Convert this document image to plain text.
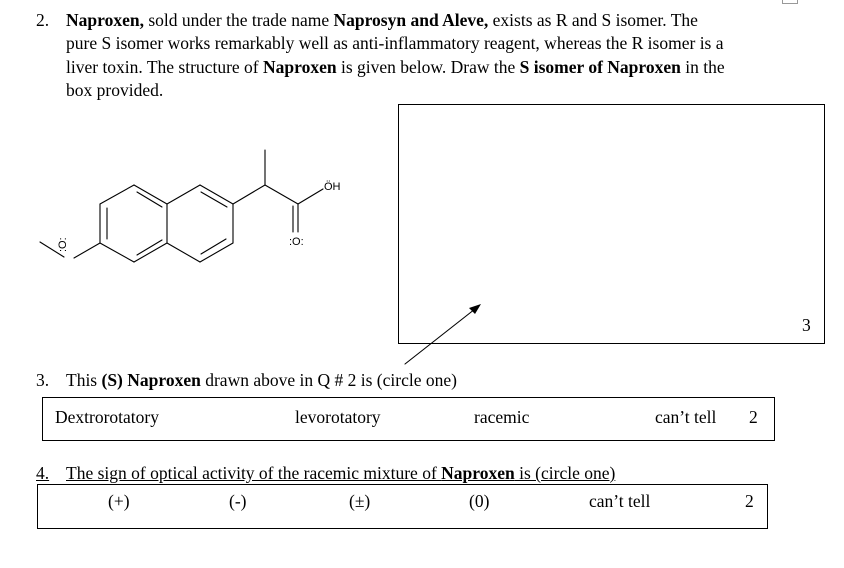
2. Naproxen, sold under the trade name Naprosyn and Aleve, exists as R and S isomer. The
pure S isomer works remarkably well as anti-inflammatory reagent, whereas the R isomer is a
liver toxin. The structure of Naproxen is given below. Draw the S isomer of Naproxen in the
box provided.
ÖH
:O:
:O:
3
3. This (S) Naproxen drawn above in Q # 2 is (circle one)
Dextrorotatory	levorotatory	racemic	can’t tell 2
4. The sign of optical activity of the racemic mixture of Naproxen is (circle one)
(+)	(-)	(±)	(0)	can’t tell	2
